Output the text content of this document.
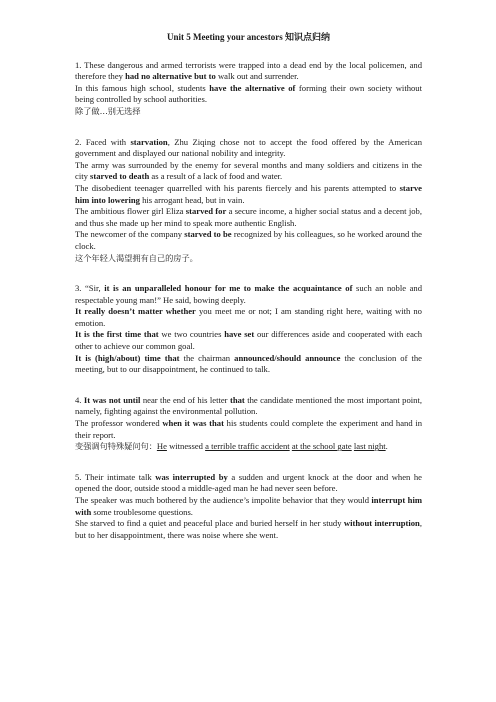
Unit 5 Meeting your ancestors 知识点归纳

1. These dangerous and armed terrorists were trapped into a dead end by the local policemen, and therefore they had no alternative but to walk out and surrender.

In this famous high school, students have the alternative of forming their own society without being controlled by school authorities.

除了做…别无选择

2. Faced with starvation, Zhu Ziqing chose not to accept the food offered by the American government and displayed our national nobility and integrity.

The army was surrounded by the enemy for several months and many soldiers and citizens in the city starved to death as a result of a lack of food and water.

The disobedient teenager quarrelled with his parents fiercely and his parents attempted to starve him into lowering his arrogant head, but in vain.

The ambitious flower girl Eliza starved for a secure income, a higher social status and a decent job, and thus she made up her mind to speak more authentic English.

The newcomer of the company starved to be recognized by his colleagues, so he worked around the clock.

这个年轻人渴望拥有自己的房子。

3. “Sir, it is an unparalleled honour for me to make the acquaintance of such an noble and respectable young man!” He said, bowing deeply.

It really doesn’t matter whether you meet me or not; I am standing right here, waiting with no emotion.

It is the first time that we two countries have set our differences aside and cooperated with each other to achieve our common goal.

It is (high/about) time that the chairman announced/should announce the conclusion of the meeting, but to our disappointment, he continued to talk.

4. It was not until near the end of his letter that the candidate mentioned the most important point, namely, fighting against the environmental pollution.

The professor wondered when it was that his students could complete the experiment and hand in their report.

变强调句特殊疑问句：He witnessed a terrible traffic accident at the school gate last night.

5. Their intimate talk was interrupted by a sudden and urgent knock at the door and when he opened the door, outside stood a middle-aged man he had never seen before.

The speaker was much bothered by the audience’s impolite behavior that they would interrupt him with some troublesome questions.

She starved to find a quiet and peaceful place and buried herself in her study without interruption, but to her disappointment, there was noise where she went.
